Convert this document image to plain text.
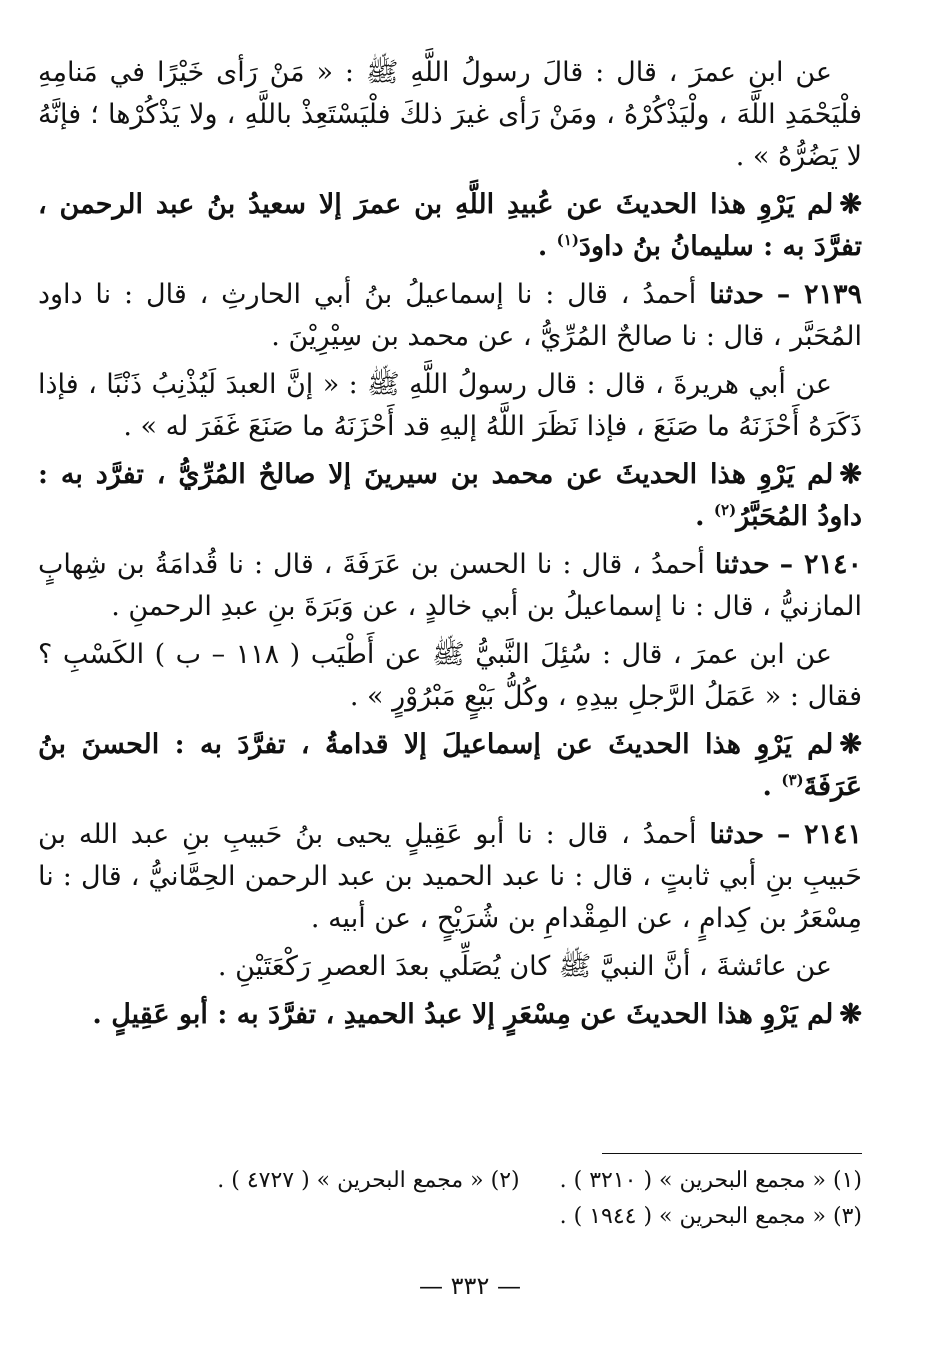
عن ابنِ عمرَ ، قال : قالَ رسولُ اللَّهِ ﷺ : « مَنْ رَأى خَيْرًا في مَنامِهِ فلْيَحْمَدِ اللَّهَ ، ولْيَذْكُرْهُ ، ومَنْ رَأى غيرَ ذلكَ فلْيَسْتَعِذْ باللَّهِ ، ولا يَذْكُرْها ؛ فإنَّهُ لا يَضُرُّهُ » .

❋لم يَرْوِ هذا الحديثَ عن عُبيدِ اللَّهِ بن عمرَ إلا سعيدُ بنُ عبد الرحمن ، تفرَّدَ به : سليمانُ بنُ داودَ$^{(١)}$ .

٢١٣٩ – حدثنا أحمدُ ، قال : نا إسماعيلُ بنُ أبي الحارثِ ، قال : نا داود المُحَبَّر ، قال : نا صالحٌ المُرِّيُّ ، عن محمد بن سِيْرِيْنَ .

عن أبي هريرةَ ، قال : قال رسولُ اللَّهِ ﷺ : « إنَّ العبدَ لَيُذْنِبُ ذَنْبًا ، فإذا ذَكَرَهُ أَحْزَنَهُ ما صَنَعَ ، فإذا نَظَرَ اللَّهُ إليهِ قد أَحْزَنَهُ ما صَنَعَ غَفَرَ له » .

❋لم يَرْوِ هذا الحديثَ عن محمد بن سيرينَ إلا صالحٌ المُرِّيُّ ، تفرَّد به : داودُ المُحَبَّرُ$^{(٢)}$ .

٢١٤٠ – حدثنا أحمدُ ، قال : نا الحسن بن عَرَفَةَ ، قال : نا قُدامَةُ بن شِهابٍ المازنيُّ ، قال : نا إسماعيلُ بن أبي خالدٍ ، عن وَبَرَةَ بنِ عبدِ الرحمنِ .

عن ابن عمرَ ، قال : سُئِلَ النَّبيُّ ﷺ عن أَطْيَب ( ١١٨ – ب ) الكَسْبِ ؟ فقال : « عَمَلُ الرَّجلِ بيدِهِ ، وكُلُّ بَيْعٍ مَبْرُوْرٍ » .

❋لم يَرْوِ هذا الحديثَ عن إسماعيلَ إلا قدامةُ ، تفرَّدَ به : الحسنَ بنُ عَرَفَةَ$^{(٣)}$ .

٢١٤١ – حدثنا أحمدُ ، قال : نا أبو عَقِيلٍ يحيى بنُ حَبيبِ بنِ عبد الله بن حَبيبِ بنِ أبي ثابتٍ ، قال : نا عبد الحميد بن عبد الرحمن الحِمَّانيُّ ، قال : نا مِسْعَرُ بن كِدامٍ ، عن المِقْدامِ بن شُرَيْحٍ ، عن أبيه .

عن عائشةَ ، أنَّ النبيَّ ﷺ كان يُصَلِّي بعدَ العصرِ رَكْعَتَيْنِ .

❋لم يَرْوِ هذا الحديثَ عن مِسْعَرٍ إلا عبدُ الحميدِ ، تفرَّدَ به : أبو عَقِيلٍ .

(١) « مجمع البحرين » ( ٣٢١٠ ) .
(٢) « مجمع البحرين » ( ٤٧٢٧ ) .
(٣) « مجمع البحرين » ( ١٩٤٤ ) .
— ٣٣٢ —
